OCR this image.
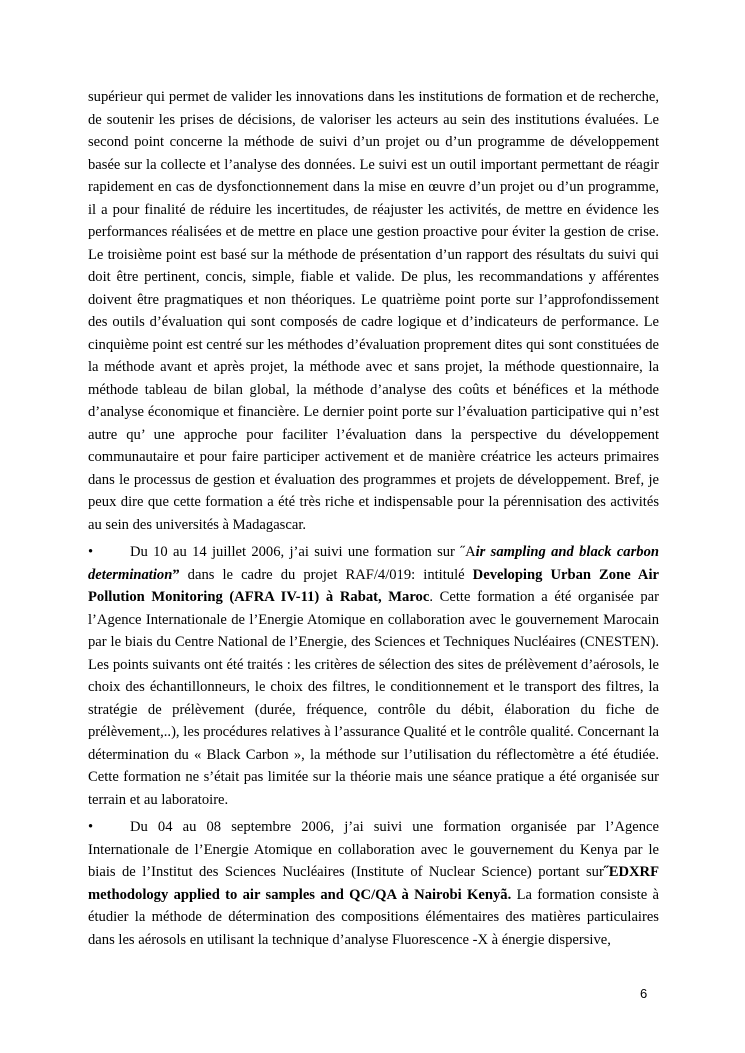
supérieur qui permet de valider les innovations dans les institutions de formation et de recherche, de soutenir les prises de décisions, de valoriser les acteurs au sein des institutions évaluées. Le second point concerne la méthode de suivi d’un projet ou d’un programme de développement basée sur la collecte et l’analyse des données. Le suivi est un outil important permettant de réagir rapidement en cas de dysfonctionnement dans la mise en œuvre d’un projet ou d’un programme, il a pour finalité de réduire les incertitudes, de réajuster les activités, de mettre en évidence les performances réalisées et de mettre en place une gestion proactive pour éviter la gestion de crise. Le troisième point est basé sur la méthode de présentation d’un rapport des résultats du suivi qui doit être pertinent, concis, simple, fiable et valide. De plus, les recommandations y afférentes doivent être pragmatiques et non théoriques. Le quatrième point porte sur l’approfondissement des outils d’évaluation qui sont composés de cadre logique et d’indicateurs de performance. Le cinquième point est centré sur les méthodes d’évaluation proprement dites qui sont constituées de la méthode avant et après projet, la méthode avec et sans projet, la méthode questionnaire, la méthode tableau de bilan global, la méthode d’analyse des coûts et bénéfices et la méthode d’analyse économique et financière. Le dernier point porte sur l’évaluation participative qui n’est autre qu’ une approche pour faciliter l’évaluation dans la perspective du développement communautaire et pour faire participer activement et de manière créatrice les acteurs primaires dans le processus de gestion et évaluation des programmes et projets de développement. Bref, je peux dire que cette formation a été très riche et indispensable pour la pérennisation des activités au sein des universités à Madagascar.

•	Du 10 au 14 juillet 2006, j’ai suivi une formation sur ˝Air sampling and black carbon determination” dans le cadre du projet RAF/4/019: intitulé Developing Urban Zone Air Pollution Monitoring (AFRA IV-11) à Rabat, Maroc. Cette formation a été organisée par l’Agence Internationale de l’Energie Atomique en collaboration avec le gouvernement Marocain par le biais du Centre National de l’Energie, des Sciences et Techniques Nucléaires (CNESTEN). Les points suivants ont été traités : les critères de sélection des sites de prélèvement d’aérosols, le choix des échantillonneurs, le choix des filtres, le conditionnement et le transport des filtres, la stratégie de prélèvement (durée, fréquence, contrôle du débit, élaboration du fiche de prélèvement,..), les procédures relatives à l’assurance Qualité et le contrôle qualité. Concernant la détermination du « Black Carbon », la méthode sur l’utilisation du réflectomètre a été étudiée. Cette formation ne s’était pas limitée sur la théorie mais une séance pratique a été organisée sur terrain et au laboratoire.

•	Du 04 au 08 septembre 2006, j’ai suivi une formation organisée par l’Agence Internationale de l’Energie Atomique en collaboration avec le gouvernement du Kenya par le biais de l’Institut des Sciences Nucléaires (Institute of Nuclear Science) portant sur˝EDXRF methodology applied to air samples and QC/QA à Nairobi Kenyã. La formation consiste à étudier la méthode de détermination des compositions élémentaires des matières particulaires dans les aérosols en utilisant la technique d’analyse Fluorescence -X à énergie dispersive,

6
